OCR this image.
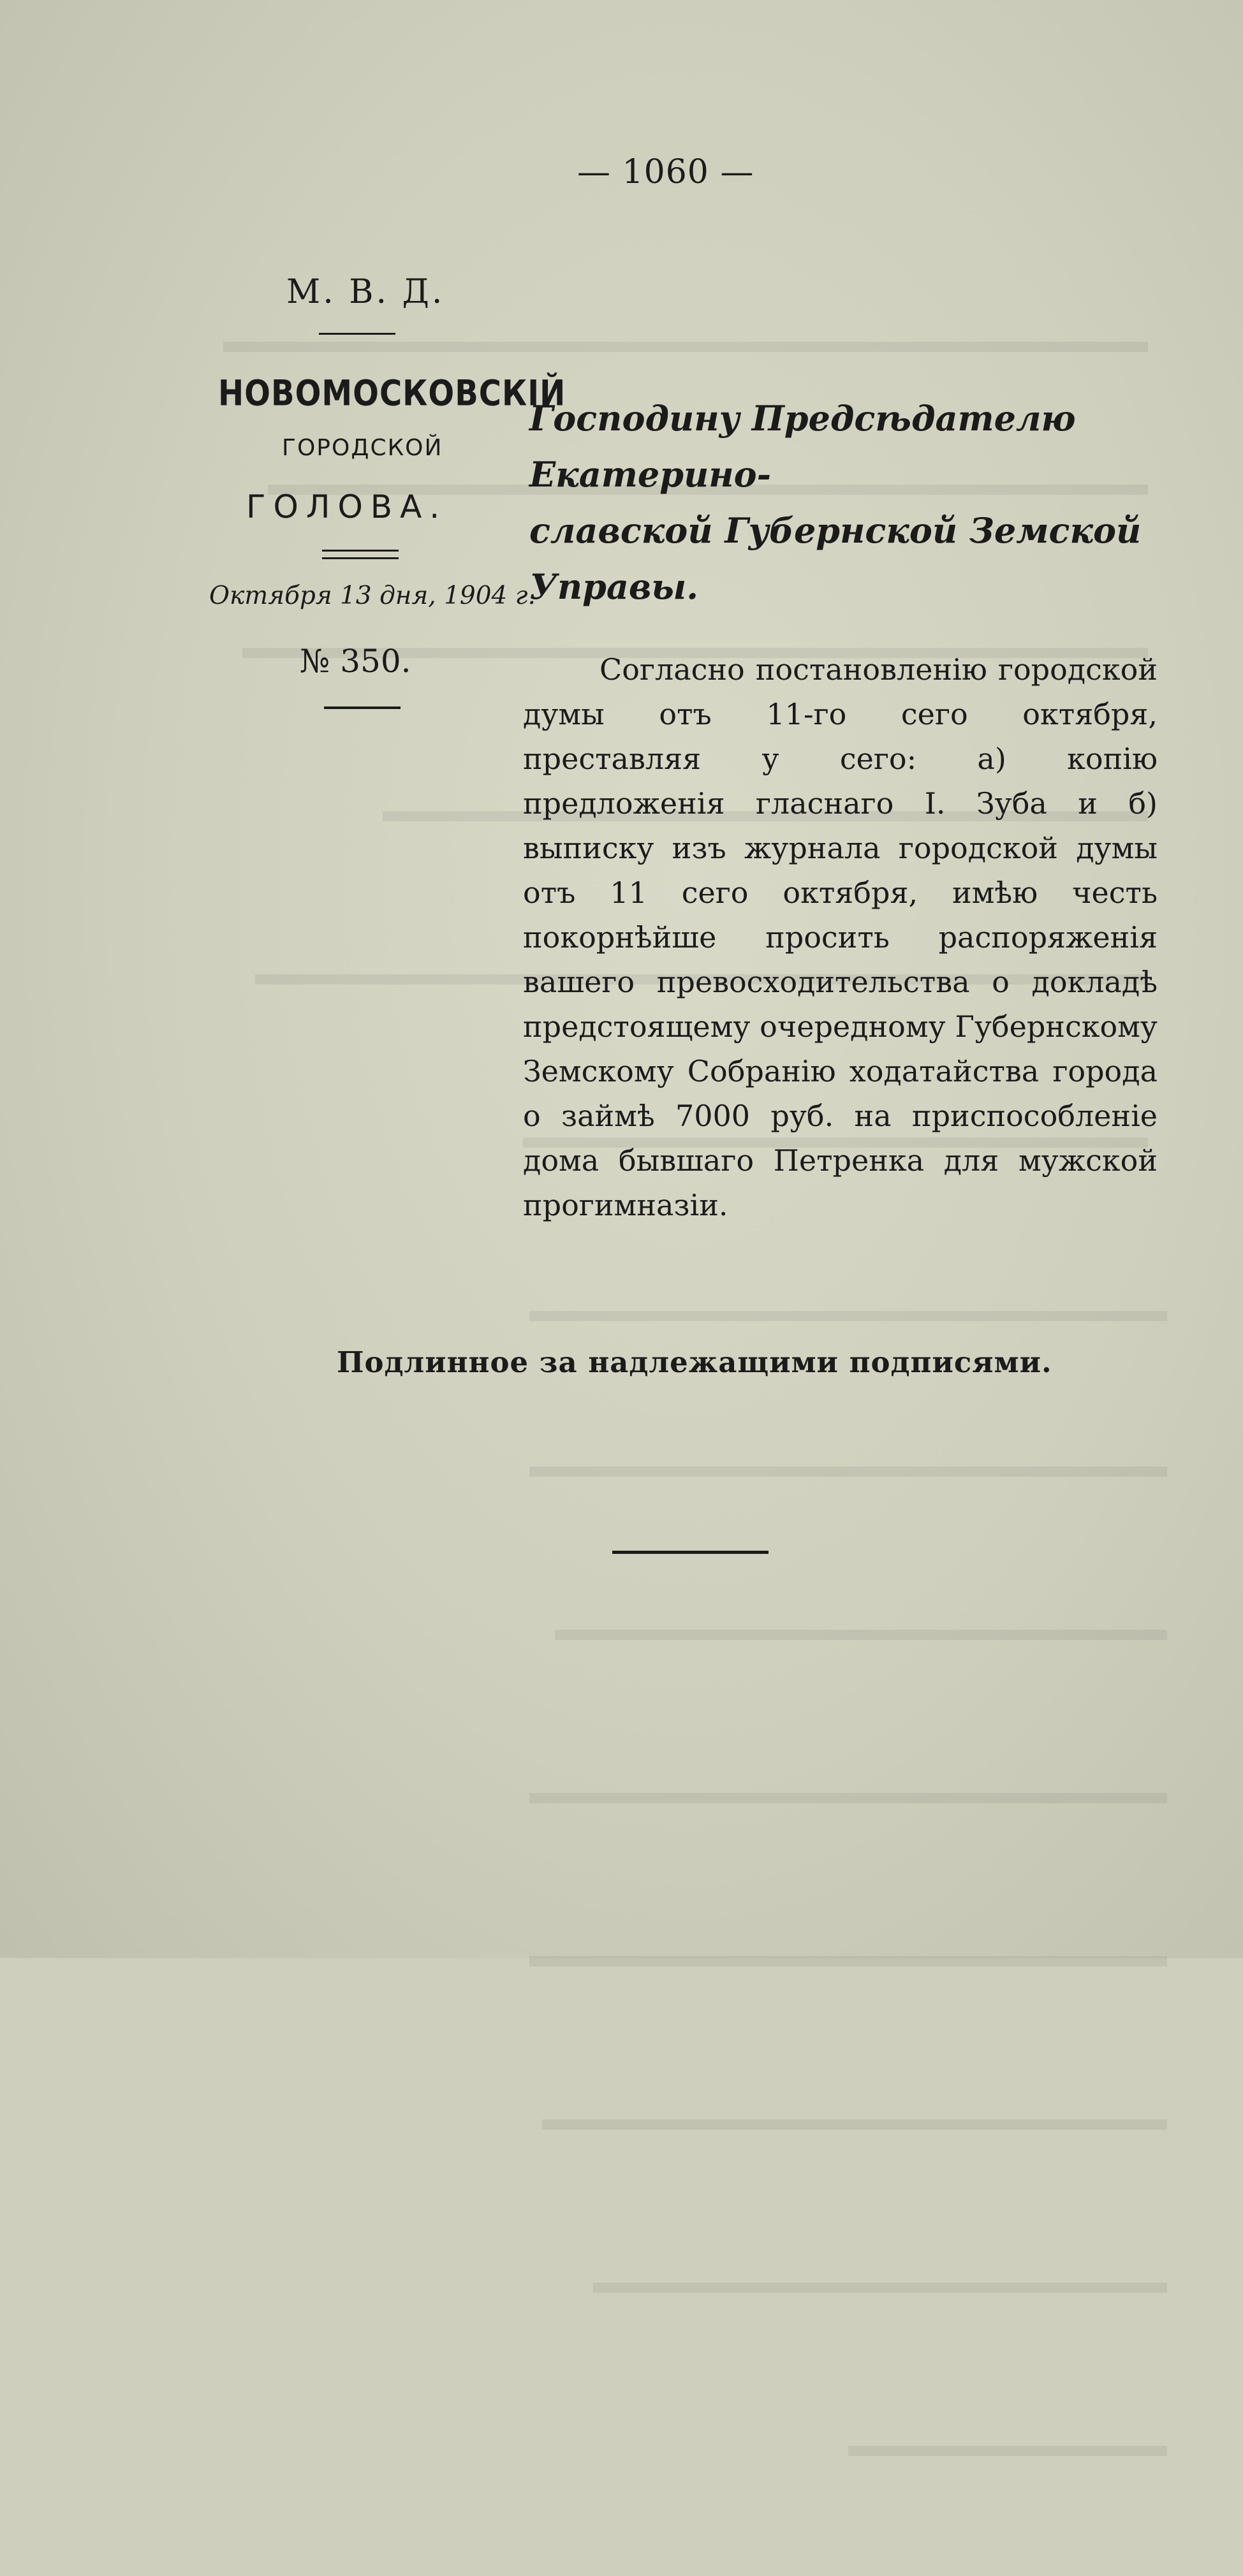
— 1060 —
М. В. Д.
НОВОМОСКОВСКІЙ
ГОРОДСКОЙ
ГОЛОВА.
Октября 13 дня, 1904 г.
№ 350.
Господину Предсѣдателю Екатерино-
славской Губернской Земской Управы.
Согласно постановленію городской думы отъ 11-го сего октября, преставляя у сего: а) копію предложенія гласнаго І. Зуба и б) выписку изъ журнала городской думы отъ 11 сего октября, имѣю честь покорнѣйше просить распоряженія вашего превосходительства о докладѣ предстоящему очередному Губернскому Земскому Собранію ходатайства города о займѣ 7000 руб. на приспособленіе дома бывшаго Петренка для мужской прогимназіи.
Подлинное за надлежащими подписями.
